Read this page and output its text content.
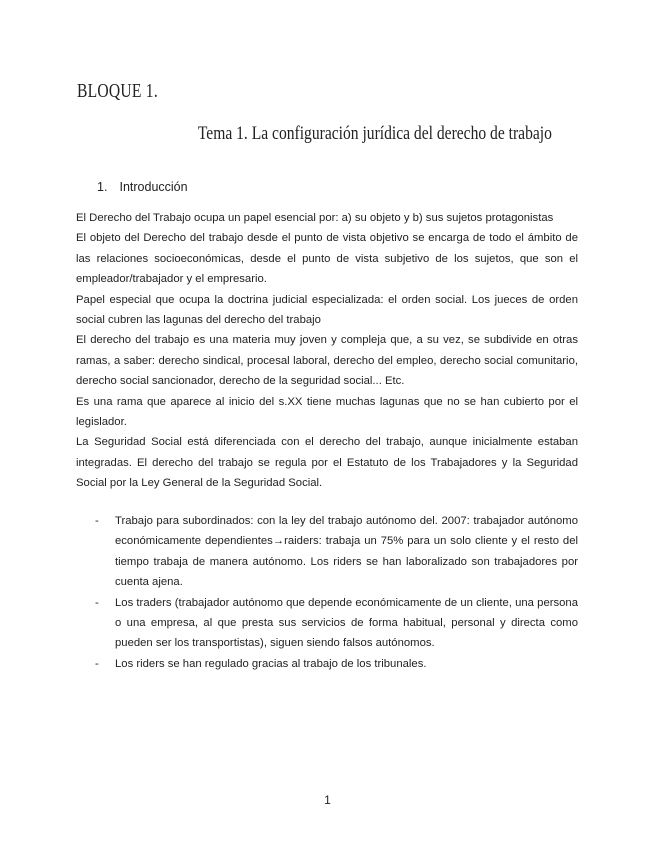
BLOQUE 1.
Tema 1. La configuración jurídica del derecho de trabajo
1. Introducción

El Derecho del Trabajo ocupa un papel esencial por: a) su objeto y b) sus sujetos protagonistas

El objeto del Derecho del trabajo desde el punto de vista objetivo se encarga de todo el ámbito de las relaciones socioeconómicas, desde el punto de vista subjetivo de los sujetos, que son el empleador/trabajador y el empresario.

Papel especial que ocupa la doctrina judicial especializada: el orden social. Los jueces de orden social cubren las lagunas del derecho del trabajo

El derecho del trabajo es una materia muy joven y compleja que, a su vez, se subdivide en otras ramas, a saber: derecho sindical, procesal laboral, derecho del empleo, derecho social comunitario, derecho social sancionador, derecho de la seguridad social... Etc.

Es una rama que aparece al inicio del s.XX tiene muchas lagunas que no se han cubierto por el legislador.

La Seguridad Social está diferenciada con el derecho del trabajo, aunque inicialmente estaban integradas. El derecho del trabajo se regula por el Estatuto de los Trabajadores y la Seguridad Social por la Ley General de la Seguridad Social.

- Trabajo para subordinados: con la ley del trabajo autónomo del. 2007: trabajador autónomo económicamente dependientes→raiders: trabaja un 75% para un solo cliente y el resto del tiempo trabaja de manera autónomo. Los riders se han laboralizado son trabajadores por cuenta ajena.
- Los traders (trabajador autónomo que depende económicamente de un cliente, una persona o una empresa, al que presta sus servicios de forma habitual, personal y directa como pueden ser los transportistas), siguen siendo falsos autónomos.
- Los riders se han regulado gracias al trabajo de los tribunales.
1
